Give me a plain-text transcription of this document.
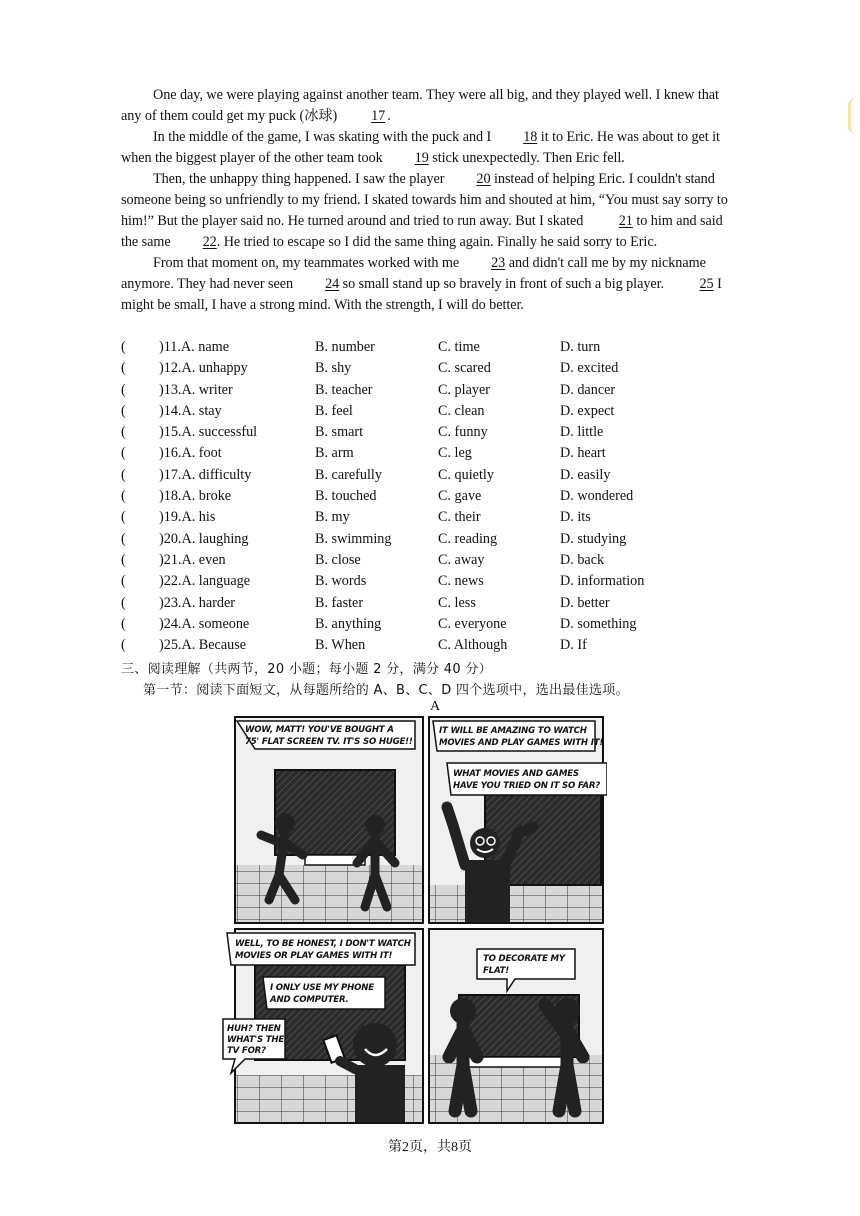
One day, we were playing against another team. They were all big, and they played well. I knew that any of them could get my puck (冰球) 17 .

In the middle of the game, I was skating with the puck and I 18 it to Eric. He was about to get it when the biggest player of the other team took 19 stick unexpectedly. Then Eric fell.

Then, the unhappy thing happened. I saw the player 20 instead of helping Eric. I couldn't stand someone being so unfriendly to my friend. I skated towards him and shouted at him, “You must say sorry to him!” But the player said no. He turned around and tried to run away. But I skated	21 to him and said the same 22. He tried to escape so I did the same thing again. Finally he said sorry to Eric.

From that moment on, my teammates worked with me 23 and didn't call me by my nickname anymore. They had never seen 24 so small stand up so bravely in front of such a big player.	25 I might be small, I have a strong mind. With the strength, I will do better.

( )11.A. name	B. number	C. time	D. turn
( )12.A. unhappy	B. shy	C. scared	D. excited
( )13.A. writer	B. teacher	C. player	D. dancer
( )14.A. stay	B. feel	C. clean	D. expect
( )15.A. successful	B. smart	C. funny	D. little
( )16.A. foot	B. arm	C. leg	D. heart
( )17.A. difficulty	B. carefully	C. quietly	D. easily
( )18.A. broke	B. touched	C. gave	D. wondered
( )19.A. his	B. my	C. their	D. its
( )20.A. laughing	B. swimming	C. reading	D. studying
( )21.A. even	B. close	C. away	D. back
( )22.A. language	B. words	C. news	D. information
( )23.A. harder	B. faster	C. less	D. better
( )24.A. someone	B. anything	C. everyone	D. something
( )25.A. Because	B. When	C. Although	D. If
三、阅读理解（共两节，20 小题；每小题 2 分，满分 40 分）
第一节：阅读下面短文，从每题所给的 A、B、C、D 四个选项中，选出最佳选项。
A
WOW, MATT! YOU'VE BOUGHT A
75' FLAT SCREEN TV. IT'S SO HUGE!!
IT WILL BE AMAZING TO WATCH
MOVIES AND PLAY GAMES WITH IT!
WHAT MOVIES AND GAMES
HAVE YOU TRIED ON IT SO FAR?
WELL, TO BE HONEST, I DON'T WATCH
MOVIES OR PLAY GAMES WITH IT!
I ONLY USE MY PHONE
AND COMPUTER.
HUH? THEN
WHAT'S THE
TV FOR?
TO DECORATE MY
FLAT!
第2页，共8页
